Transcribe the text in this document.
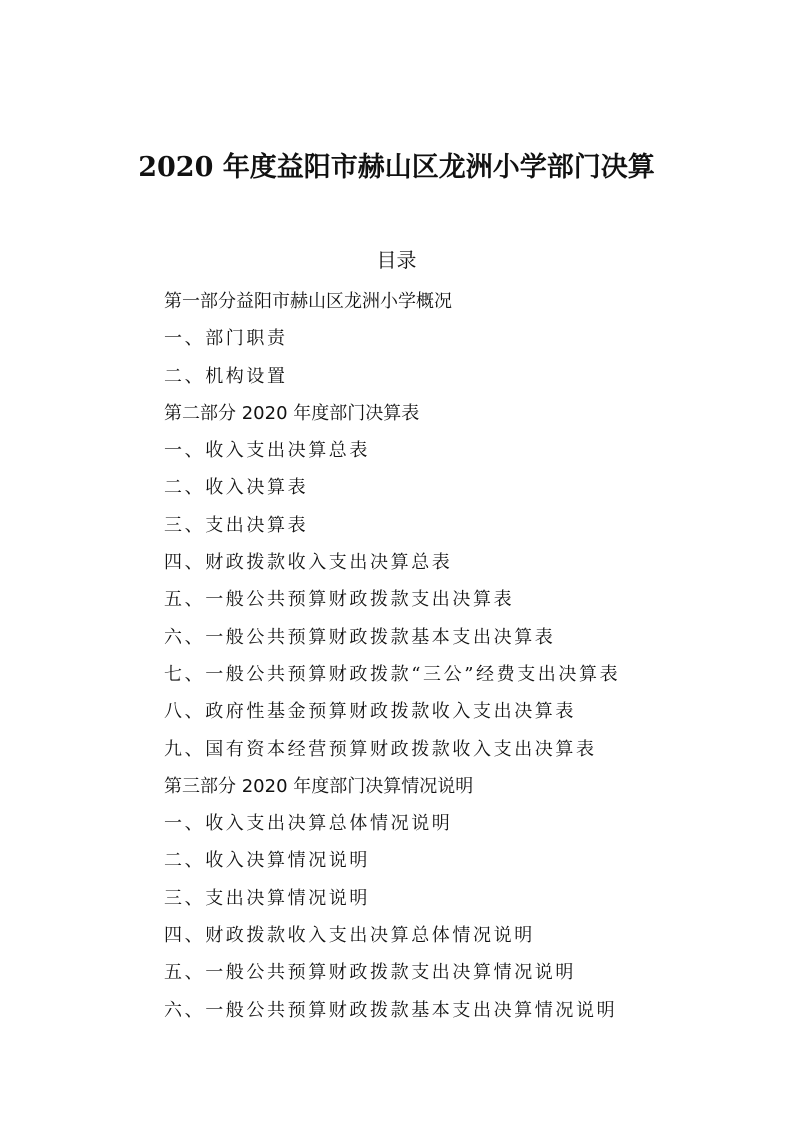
2020 年度益阳市赫山区龙洲小学部门决算
目录
第一部分益阳市赫山区龙洲小学概况
一、部门职责
二、机构设置
第二部分 2020 年度部门决算表
一、收入支出决算总表
二、收入决算表
三、支出决算表
四、财政拨款收入支出决算总表
五、一般公共预算财政拨款支出决算表
六、一般公共预算财政拨款基本支出决算表
七、一般公共预算财政拨款“三公”经费支出决算表
八、政府性基金预算财政拨款收入支出决算表
九、国有资本经营预算财政拨款收入支出决算表
第三部分 2020 年度部门决算情况说明
一、收入支出决算总体情况说明
二、收入决算情况说明
三、支出决算情况说明
四、财政拨款收入支出决算总体情况说明
五、一般公共预算财政拨款支出决算情况说明
六、一般公共预算财政拨款基本支出决算情况说明
